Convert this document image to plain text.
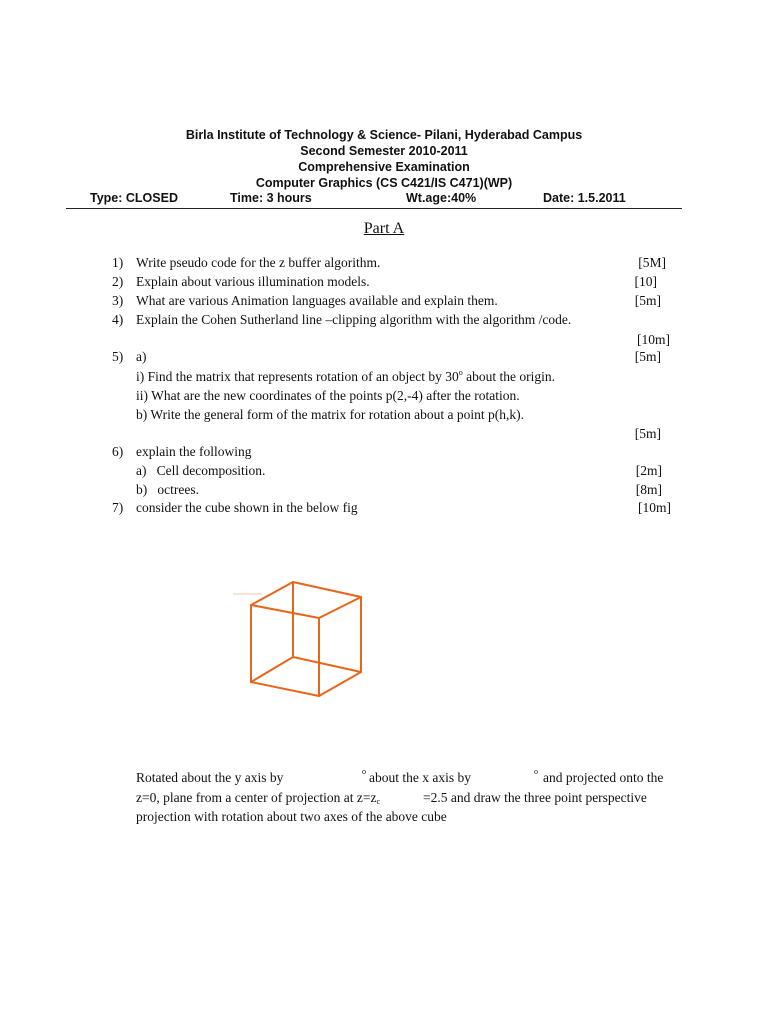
Birla Institute of Technology & Science- Pilani, Hyderabad Campus
Second Semester 2010-2011
Comprehensive Examination
Computer Graphics (CS C421/IS C471)(WP)
Type: CLOSED	Time: 3 hours	Wt.age:40%	Date: 1.5.2011
Part A
1) Write pseudo code for the z buffer algorithm.	[5M]
2) Explain about various illumination models.	[10]
3) What are various Animation languages available and explain them.	[5m]
4) Explain the Cohen Sutherland line –clipping algorithm with the algorithm /code.
[10m]
5) a)	[5m]
i) Find the matrix that represents rotation of an object by 30$^o$ about the origin.
ii) What are the new coordinates of the points p(2,-4) after the rotation.
b) Write the general form of the matrix for rotation about a point p(h,k).
[5m]
6) explain the following
a)   Cell decomposition.	[2m]
b)   octrees.	[8m]
7) consider the cube shown in the below fig	[10m]
Rotated about the y axis by	$^o$ about the x axis by	$^o$ and projected onto the
z=0, plane from a center of projection at $z=z_c$	=2.5 and draw the three point perspective
projection with rotation about two axes of the above cube
